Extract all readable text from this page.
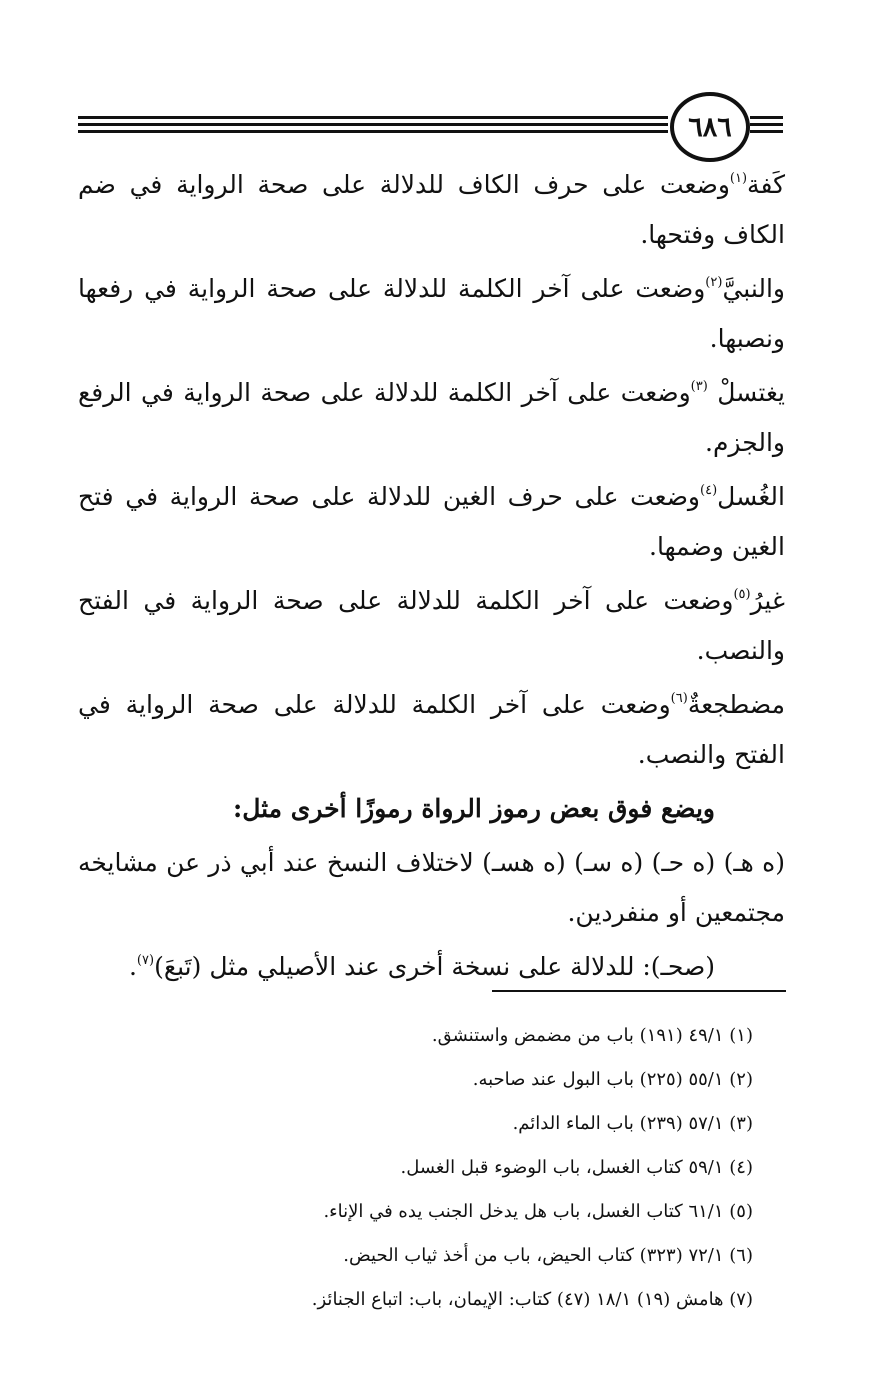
٦٨٦

كَفة$^{(١)}$وضعت على حرف الكاف للدلالة على صحة الرواية في ضم الكاف وفتحها.

والنبيَّ$^{(٢)}$وضعت على آخر الكلمة للدلالة على صحة الرواية في رفعها ونصبها.

يغتسلْ $^{(٣)}$وضعت على آخر الكلمة للدلالة على صحة الرواية في الرفع والجزم.

الغُسل$^{(٤)}$وضعت على حرف الغين للدلالة على صحة الرواية في فتح الغين وضمها.

غيرُ$^{(٥)}$وضعت على آخر الكلمة للدلالة على صحة الرواية في الفتح والنصب.

مضطجعةٌ$^{(٦)}$وضعت على آخر الكلمة للدلالة على صحة الرواية في الفتح والنصب.

ويضع فوق بعض رموز الرواة رموزًا أخرى مثل:

(ه هـ) (ه حـ) (ه سـ) (ه هسـ) لاختلاف النسخ عند أبي ذر عن مشايخه مجتمعين أو منفردين.

(صحـ): للدلالة على نسخة أخرى عند الأصيلي مثل (تَبعَ)$^{(٧)}$.

(١) ٤٩/١ (١٩١) باب من مضمض واستنشق.
(٢) ٥٥/١ (٢٢٥) باب البول عند صاحبه.
(٣) ٥٧/١ (٢٣٩) باب الماء الدائم.
(٤) ٥٩/١ كتاب الغسل، باب الوضوء قبل الغسل.
(٥) ٦١/١ كتاب الغسل، باب هل يدخل الجنب يده في الإناء.
(٦) ٧٢/١ (٣٢٣) كتاب الحيض، باب من أخذ ثياب الحيض.
(٧) هامش (١٩) ١٨/١ (٤٧) كتاب: الإيمان، باب: اتباع الجنائز.
